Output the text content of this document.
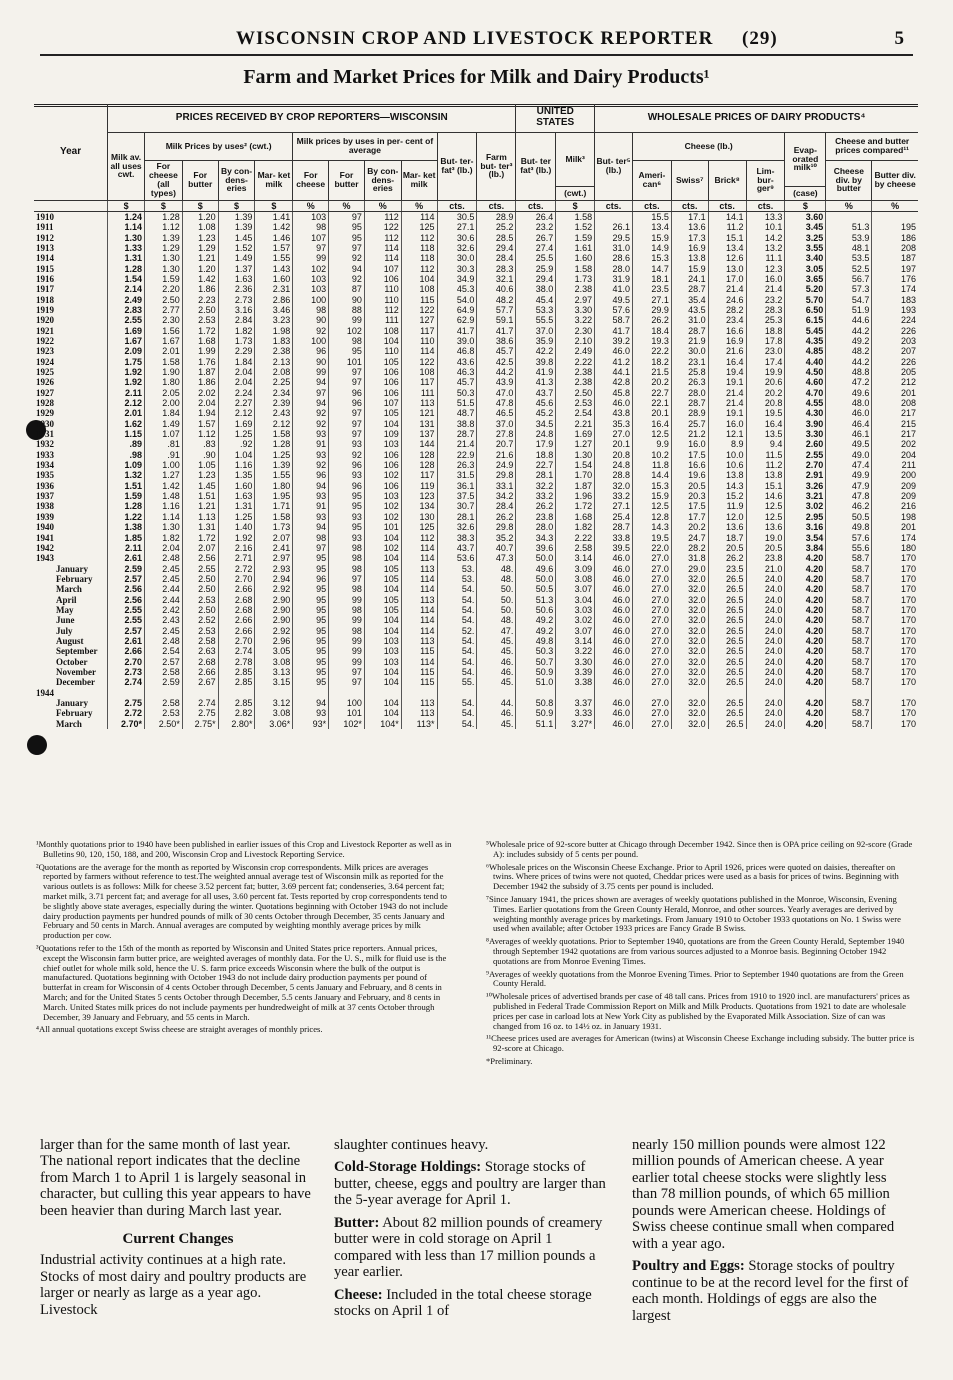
WISCONSIN CROP AND LIVESTOCK REPORTER (29)	5
Farm and Market Prices for Milk and Dairy Products¹
Year	PRICES RECEIVED BY CROP REPORTERS—WISCONSIN											UNITED STATES		WHOLESALE PRICES OF DAIRY PRODUCTS⁴							
	Milk av. all uses cwt.	Milk Prices by uses² (cwt.)				Milk prices by uses in per- cent of average				But- ter- fat³ (lb.)	Farm but- ter³ (lb.)	But- ter fat³ (lb.)	Milk³	But- ter⁵ (lb.)	Cheese (lb.)				Evap- orated milk¹⁰	Cheese and butter prices compared¹¹	
		For cheese (all types)	For butter	By con- dens- eries	Mar- ket milk	For cheese	For butter	By con- dens- eries	Mar- ket milk						Ameri- can⁶	Swiss⁷	Brick⁸	Lim- bur- ger⁹		Cheese div. by butter	Butter div. by cheese
													(cwt.)						(case)		
	$	$	$	$	$	%	%	%	%	cts.	cts.	cts.	$	cts.	cts.	cts.	cts.	cts.	$	%	%
1910	1.24	1.28	1.20	1.39	1.41	103	97	112	114	30.5	28.9	26.4	1.58		15.5	17.1	14.1	13.3	3.60		
1911	1.14	1.12	1.08	1.39	1.42	98	95	122	125	27.1	25.2	23.2	1.52	26.1	13.4	13.6	11.2	10.1	3.45	51.3	195
1912	1.30	1.39	1.23	1.45	1.46	107	95	112	112	30.6	28.5	26.7	1.59	29.5	15.9	17.3	15.1	14.2	3.25	53.9	186
1913	1.33	1.29	1.29	1.52	1.57	97	97	114	118	32.6	29.4	27.4	1.61	31.0	14.9	16.9	13.4	13.2	3.55	48.1	208
1914	1.31	1.30	1.21	1.49	1.55	99	92	114	118	30.0	28.4	25.5	1.60	28.6	15.3	13.8	12.6	11.1	3.40	53.5	187
1915	1.28	1.30	1.20	1.37	1.43	102	94	107	112	30.3	28.3	25.9	1.58	28.0	14.7	15.9	13.0	12.3	3.05	52.5	197
1916	1.54	1.59	1.42	1.63	1.60	103	92	106	104	34.9	32.1	29.4	1.73	31.9	18.1	24.1	17.0	16.0	3.65	56.7	176
1917	2.14	2.20	1.86	2.36	2.31	103	87	110	108	45.3	40.6	38.0	2.38	41.0	23.5	28.7	21.4	21.4	5.20	57.3	174
1918	2.49	2.50	2.23	2.73	2.86	100	90	110	115	54.0	48.2	45.4	2.97	49.5	27.1	35.4	24.6	23.2	5.70	54.7	183
1919	2.83	2.77	2.50	3.16	3.46	98	88	112	122	64.9	57.7	53.3	3.30	57.6	29.9	43.5	28.2	28.3	6.50	51.9	193
1920	2.55	2.30	2.53	2.84	3.23	90	99	111	127	62.9	59.1	55.5	3.22	58.7	26.2	31.0	23.4	25.3	6.15	44.6	224
1921	1.69	1.56	1.72	1.82	1.98	92	102	108	117	41.7	41.7	37.0	2.30	41.7	18.4	28.7	16.6	18.8	5.45	44.2	226
1922	1.67	1.67	1.68	1.73	1.83	100	98	104	110	39.0	38.6	35.9	2.10	39.2	19.3	21.9	16.9	17.8	4.35	49.2	203
1923	2.09	2.01	1.99	2.29	2.38	96	95	110	114	46.8	45.7	42.2	2.49	46.0	22.2	30.0	21.6	23.0	4.85	48.2	207
1924	1.75	1.58	1.76	1.84	2.13	90	101	105	122	43.6	42.5	39.8	2.22	41.2	18.2	23.1	16.4	17.4	4.40	44.2	226
1925	1.92	1.90	1.87	2.04	2.08	99	97	106	108	46.3	44.2	41.9	2.38	44.1	21.5	25.8	19.4	19.9	4.50	48.8	205
1926	1.92	1.80	1.86	2.04	2.25	94	97	106	117	45.7	43.9	41.3	2.38	42.8	20.2	26.3	19.1	20.6	4.60	47.2	212
1927	2.11	2.05	2.02	2.24	2.34	97	96	106	111	50.3	47.0	43.7	2.50	45.8	22.7	28.0	21.4	20.2	4.70	49.6	201
1928	2.12	2.00	2.04	2.27	2.39	94	96	107	113	51.5	47.8	45.6	2.53	46.0	22.1	28.7	21.4	20.8	4.55	48.0	208
1929	2.01	1.84	1.94	2.12	2.43	92	97	105	121	48.7	46.5	45.2	2.54	43.8	20.1	28.9	19.1	19.5	4.30	46.0	217
1930	1.62	1.49	1.57	1.69	2.12	92	97	104	131	38.8	37.0	34.5	2.21	35.3	16.4	25.7	16.0	16.4	3.90	46.4	215
1931	1.15	1.07	1.12	1.25	1.58	93	97	109	137	28.7	27.8	24.8	1.69	27.0	12.5	21.2	12.1	13.5	3.30	46.1	217
1932	.89	.81	.83	.92	1.28	91	93	103	144	21.4	20.7	17.9	1.27	20.1	9.9	16.0	8.9	9.4	2.60	49.5	202
1933	.98	.91	.90	1.04	1.25	93	92	106	128	22.9	21.6	18.8	1.30	20.8	10.2	17.5	10.0	11.5	2.55	49.0	204
1934	1.09	1.00	1.05	1.16	1.39	92	96	106	128	26.3	24.9	22.7	1.54	24.8	11.8	16.6	10.6	11.2	2.70	47.4	211
1935	1.32	1.27	1.23	1.35	1.55	96	93	102	117	31.5	29.8	28.1	1.70	28.8	14.4	19.6	13.8	13.8	2.91	49.9	200
1936	1.51	1.42	1.45	1.60	1.80	94	96	106	119	36.1	33.1	32.2	1.87	32.0	15.3	20.5	14.3	15.1	3.26	47.9	209
1937	1.59	1.48	1.51	1.63	1.95	93	95	103	123	37.5	34.2	33.2	1.96	33.2	15.9	20.3	15.2	14.6	3.21	47.8	209
1938	1.28	1.16	1.21	1.31	1.71	91	95	102	134	30.7	28.4	26.2	1.72	27.1	12.5	17.5	11.9	12.5	3.02	46.2	216
1939	1.22	1.14	1.13	1.25	1.58	93	93	102	130	28.1	26.2	23.8	1.68	25.4	12.8	17.7	12.0	12.5	2.95	50.5	198
1940	1.38	1.30	1.31	1.40	1.73	94	95	101	125	32.6	29.8	28.0	1.82	28.7	14.3	20.2	13.6	13.6	3.16	49.8	201
1941	1.85	1.82	1.72	1.92	2.07	98	93	104	112	38.3	35.2	34.3	2.22	33.8	19.5	24.7	18.7	19.0	3.54	57.6	174
1942	2.11	2.04	2.07	2.16	2.41	97	98	102	114	43.7	40.7	39.6	2.58	39.5	22.0	28.2	20.5	20.5	3.84	55.6	180
1943	2.61	2.48	2.56	2.71	2.97	95	98	104	114	53.6	47.3	50.0	3.14	46.0	27.0	31.8	26.2	23.8	4.20	58.7	170
January	2.59	2.45	2.55	2.72	2.93	95	98	105	113	53.	48.	49.6	3.09	46.0	27.0	29.0	23.5	21.0	4.20	58.7	170
February	2.57	2.45	2.50	2.70	2.94	96	97	105	114	53.	48.	50.0	3.08	46.0	27.0	32.0	26.5	24.0	4.20	58.7	170
March	2.56	2.44	2.50	2.66	2.92	95	98	104	114	54.	50.	50.5	3.07	46.0	27.0	32.0	26.5	24.0	4.20	58.7	170
April	2.56	2.44	2.53	2.68	2.90	95	99	105	113	54.	50.	51.3	3.04	46.0	27.0	32.0	26.5	24.0	4.20	58.7	170
May	2.55	2.42	2.50	2.68	2.90	95	98	105	114	54.	50.	50.6	3.03	46.0	27.0	32.0	26.5	24.0	4.20	58.7	170
June	2.55	2.43	2.52	2.66	2.90	95	99	104	114	54.	48.	49.2	3.02	46.0	27.0	32.0	26.5	24.0	4.20	58.7	170
July	2.57	2.45	2.53	2.66	2.92	95	98	104	114	52.	47.	49.2	3.07	46.0	27.0	32.0	26.5	24.0	4.20	58.7	170
August	2.61	2.48	2.58	2.70	2.96	95	99	103	113	54.	45.	49.8	3.14	46.0	27.0	32.0	26.5	24.0	4.20	58.7	170
September	2.66	2.54	2.63	2.74	3.05	95	99	103	115	54.	45.	50.3	3.22	46.0	27.0	32.0	26.5	24.0	4.20	58.7	170
October	2.70	2.57	2.68	2.78	3.08	95	99	103	114	54.	46.	50.7	3.30	46.0	27.0	32.0	26.5	24.0	4.20	58.7	170
November	2.73	2.58	2.66	2.85	3.13	95	97	104	115	54.	46.	50.9	3.39	46.0	27.0	32.0	26.5	24.0	4.20	58.7	170
December	2.74	2.59	2.67	2.85	3.15	95	97	104	115	55.	45.	51.0	3.38	46.0	27.0	32.0	26.5	24.0	4.20	58.7	170
1944																					
January	2.75	2.58	2.74	2.85	3.12	94	100	104	113	54.	44.	50.8	3.37	46.0	27.0	32.0	26.5	24.0	4.20	58.7	170
February	2.72	2.53	2.75	2.82	3.08	93	101	104	113	54.	46.	50.9	3.33	46.0	27.0	32.0	26.5	24.0	4.20	58.7	170
March	2.70*	2.50*	2.75*	2.80*	3.06*	93*	102*	104*	113*	54.	45.	51.1	3.27*	46.0	27.0	32.0	26.5	24.0	4.20	58.7	170

¹Monthly quotations prior to 1940 have been published in earlier issues of this Crop and Livestock Reporter as well as in Bulletins 90, 120, 150, 188, and 200, Wisconsin Crop and Livestock Reporting Service.

²Quotations are the average for the month as reported by Wisconsin crop correspondents. Milk prices are averages reported by farmers without reference to test.The weighted annual average test of Wisconsin milk as reported for the various outlets is as follows: Milk for cheese 3.52 percent fat; butter, 3.69 percent fat; condenseries, 3.64 percent fat; market milk, 3.71 percent fat; and average for all uses, 3.60 percent fat. Tests reported by crop correspondents tend to be slightly above state averages, especially during the winter. Quotations beginning with October 1943 do not include dairy production payments per hundred pounds of milk of 30 cents October through December, 35 cents January and February and 50 cents in March. Annual averages are computed by weighting monthly average prices by milk production per cow.

³Quotations refer to the 15th of the month as reported by Wisconsin and United States price reporters. Annual prices, except the Wisconsin farm butter price, are weighted averages of monthly data. For the U. S., milk for fluid use is the chief outlet for whole milk sold, hence the U. S. farm price exceeds Wisconsin where the bulk of the output is manufactured. Quotations beginning with October 1943 do not include dairy production payments per pound of butterfat in cream for Wisconsin of 4 cents October through December, 5 cents January and February, and 8 cents in March; and for the United States 5 cents October through December, 5.5 cents January and February, and 8 cents in March. United States milk prices do not include payments per hundredweight of milk at 37 cents October through December, 39 January and February, and 55 cents in March.

⁴All annual quotations except Swiss cheese are straight averages of monthly prices.

⁵Wholesale price of 92-score butter at Chicago through December 1942. Since then is OPA price ceiling on 92-score (Grade A): includes subsidy of 5 cents per pound.

⁶Wholesale prices on the Wisconsin Cheese Exchange. Prior to April 1926, prices were quoted on daisies, thereafter on twins. Where prices of twins were not quoted, Cheddar prices were used as a basis for prices of twins. Beginning with December 1942 the subsidy of 3.75 cents per pound is included.

⁷Since January 1941, the prices shown are averages of weekly quotations published in the Monroe, Wisconsin, Evening Times. Earlier quotations from the Green County Herald, Monroe, and other sources. Yearly averages are derived by weighting monthly average prices by marketings. From January 1910 to October 1933 quotations on No. 1 Swiss were used when available; after October 1933 prices are Fancy Grade B Swiss.

⁸Averages of weekly quotations. Prior to September 1940, quotations are from the Green County Herald, September 1940 through September 1942 quotations are from various sources adjusted to a Monroe basis. Beginning October 1942 quotations are from Monroe Evening Times.

⁹Averages of weekly quotations from the Monroe Evening Times. Prior to September 1940 quotations are from the Green County Herald.

¹⁰Wholesale prices of advertised brands per case of 48 tall cans. Prices from 1910 to 1920 incl. are manufacturers' prices as published in Federal Trade Commission Report on Milk and Milk Products. Quotations from 1921 to date are wholesale prices per case in carload lots at New York City as published by the Evaporated Milk Association. Size of can was changed from 16 oz. to 14½ oz. in January 1931.

¹¹Cheese prices used are averages for American (twins) at Wisconsin Cheese Exchange including subsidy. The butter price is 92-score at Chicago.

*Preliminary.

larger than for the same month of last year. The national report indicates that the decline from March 1 to April 1 is largely seasonal in character, but culling this year appears to have been heavier than during March last year.

Current Changes

Industrial activity continues at a high rate. Stocks of most dairy and poultry products are larger or nearly as large as a year ago. Livestock

slaughter continues heavy.

Cold-Storage Holdings: Storage stocks of butter, cheese, eggs and poultry are larger than the 5-year average for April 1.

Butter: About 82 million pounds of creamery butter were in cold storage on April 1 compared with less than 17 million pounds a year earlier.

Cheese: Included in the total cheese storage stocks on April 1 of

nearly 150 million pounds were almost 122 million pounds of American cheese. A year earlier total cheese stocks were slightly less than 78 million pounds, of which 65 million pounds were American cheese. Holdings of Swiss cheese continue small when compared with a year ago.

Poultry and Eggs: Storage stocks of poultry continue to be at the record level for the first of each month. Holdings of eggs are also the largest
